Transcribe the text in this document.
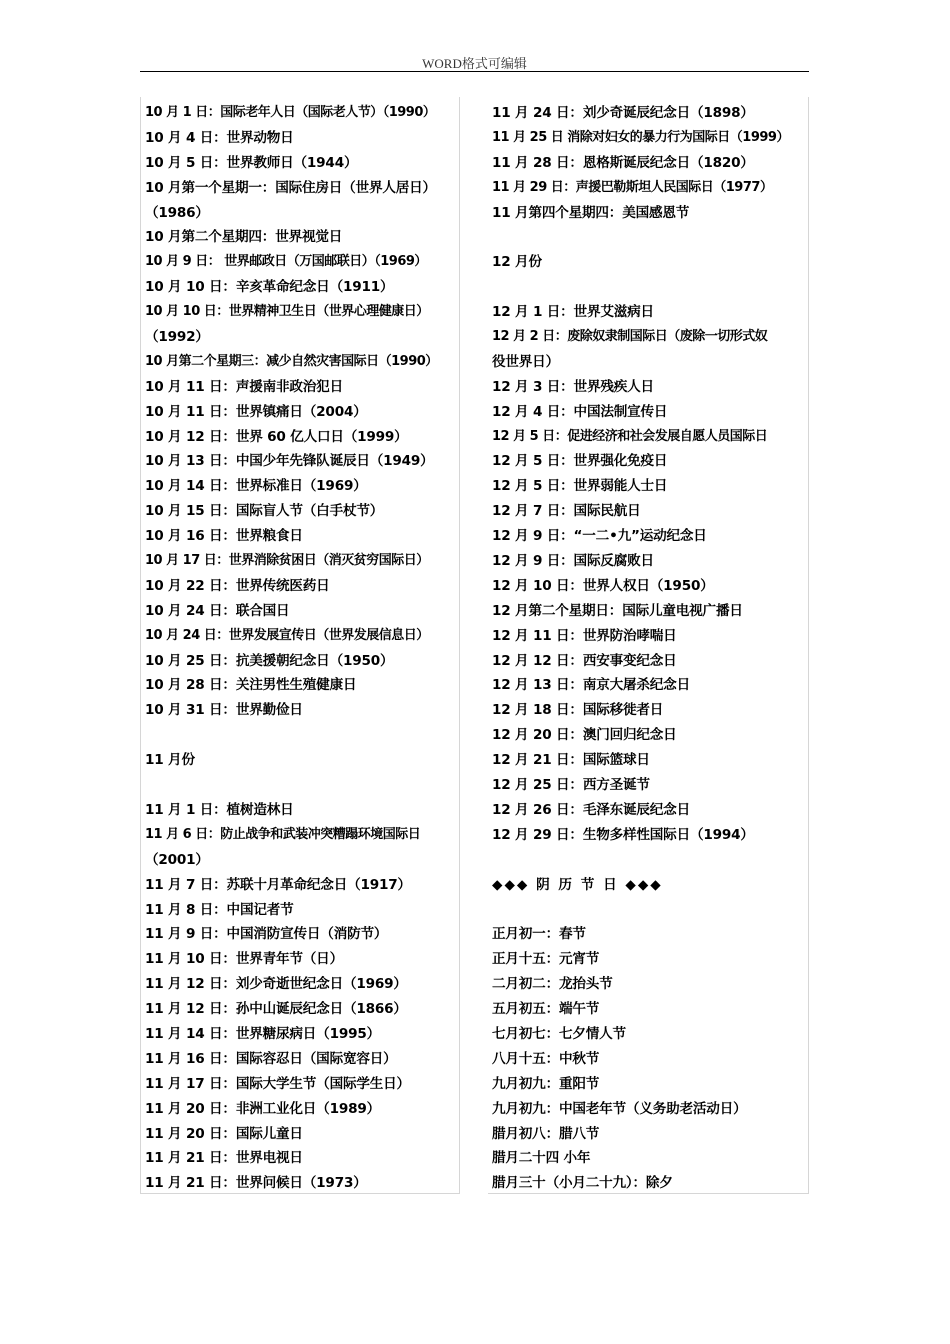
WORD格式可编辑
10 月 1 日：国际老年人日（国际老人节）（1990）
10 月 4 日：世界动物日
10 月 5 日：世界教师日（1944）
10 月第一个星期一：国际住房日（世界人居日）
（1986）
10 月第二个星期四：世界视觉日
10 月 9 日： 世界邮政日（万国邮联日）（1969）
10 月 10 日：辛亥革命纪念日（1911）
10 月 10 日：世界精神卫生日（世界心理健康日）
（1992）
10 月第二个星期三：减少自然灾害国际日（1990）
10 月 11 日：声援南非政治犯日
10 月 11 日：世界镇痛日（2004）
10 月 12 日：世界 60 亿人口日（1999）
10 月 13 日：中国少年先锋队诞辰日（1949）
10 月 14 日：世界标准日（1969）
10 月 15 日：国际盲人节（白手杖节）
10 月 16 日：世界粮食日
10 月 17 日：世界消除贫困日（消灭贫穷国际日）
10 月 22 日：世界传统医药日
10 月 24 日：联合国日
10 月 24 日：世界发展宣传日（世界发展信息日）
10 月 25 日：抗美援朝纪念日（1950）
10 月 28 日：关注男性生殖健康日
10 月 31 日：世界勤俭日
11 月份
11 月 1 日：植树造林日
11 月 6 日：防止战争和武装冲突糟蹋环境国际日
（2001）
11 月 7 日：苏联十月革命纪念日（1917）
11 月 8 日：中国记者节
11 月 9 日：中国消防宣传日（消防节）
11 月 10 日：世界青年节（日）
11 月 12 日：刘少奇逝世纪念日（1969）
11 月 12 日：孙中山诞辰纪念日（1866）
11 月 14 日：世界糖尿病日（1995）
11 月 16 日：国际容忍日（国际宽容日）
11 月 17 日：国际大学生节（国际学生日）
11 月 20 日：非洲工业化日（1989）
11 月 20 日：国际儿童日
11 月 21 日：世界电视日
11 月 21 日：世界问候日（1973）
11 月 24 日：刘少奇诞辰纪念日（1898）
11 月 25 日 消除对妇女的暴力行为国际日（1999）
11 月 28 日：恩格斯诞辰纪念日（1820）
11 月 29 日：声援巴勒斯坦人民国际日（1977）
11 月第四个星期四：美国感恩节
12 月份
12 月 1 日：世界艾滋病日
12 月 2 日：废除奴隶制国际日（废除一切形式奴
役世界日）
12 月 3 日：世界残疾人日
12 月 4 日：中国法制宣传日
12 月 5 日：促进经济和社会发展自愿人员国际日
12 月 5 日：世界强化免疫日
12 月 5 日：世界弱能人士日
12 月 7 日：国际民航日
12 月 9 日：“一二•九”运动纪念日
12 月 9 日：国际反腐败日
12 月 10 日：世界人权日（1950）
12 月第二个星期日：国际儿童电视广播日
12 月 11 日：世界防治哮喘日
12 月 12 日：西安事变纪念日
12 月 13 日：南京大屠杀纪念日
12 月 18 日：国际移徙者日
12 月 20 日：澳门回归纪念日
12 月 21 日：国际篮球日
12 月 25 日：西方圣诞节
12 月 26 日：毛泽东诞辰纪念日
12 月 29 日：生物多样性国际日（1994）
◆◆◆ 阴 历 节 日 ◆◆◆
正月初一：春节
正月十五：元宵节
二月初二：龙抬头节
五月初五：端午节
七月初七：七夕情人节
八月十五：中秋节
九月初九：重阳节
九月初九：中国老年节（义务助老活动日）
腊月初八：腊八节
腊月二十四 小年
腊月三十（小月二十九）：除夕
